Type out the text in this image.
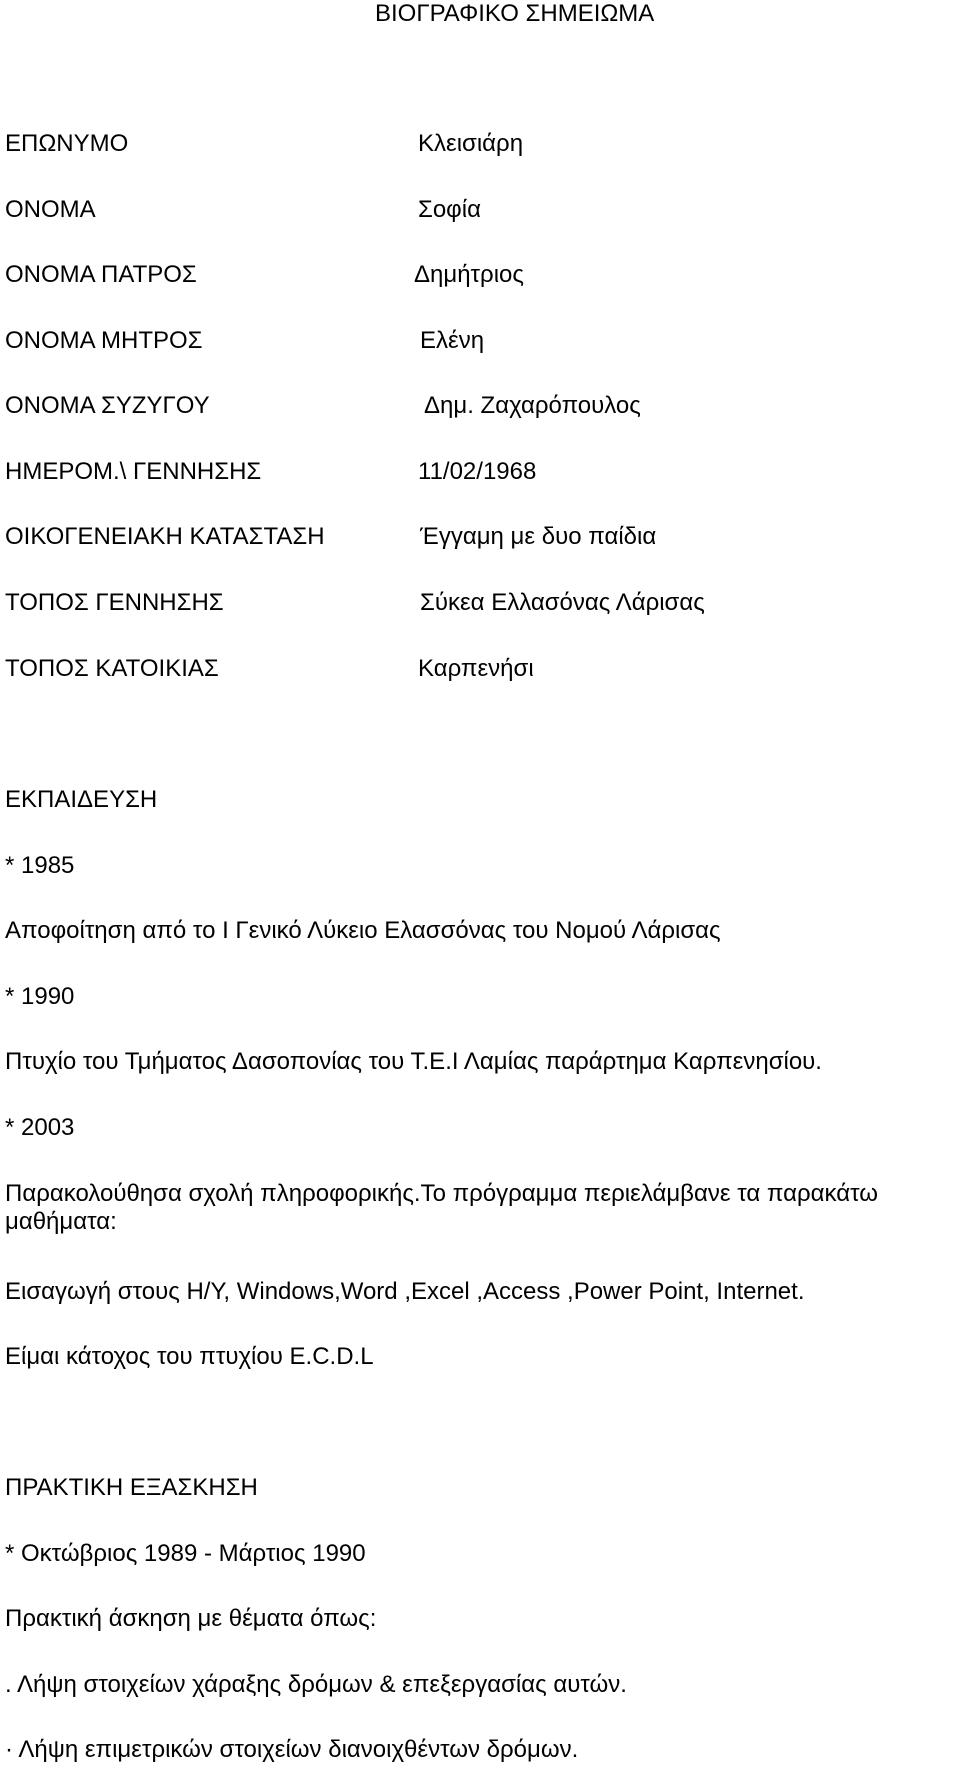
ΒΙΟΓΡΑΦΙΚΟ ΣΗΜΕΙΩΜΑ
ΕΠΩΝΥΜΟ	Κλεισιάρη
ΟΝΟΜΑ	Σοφία
ΟΝΟΜΑ ΠΑΤΡΟΣ	Δημήτριος
ΟΝΟΜΑ ΜΗΤΡΟΣ	Ελένη
ΟΝΟΜΑ ΣΥΖΥΓΟΥ	Δημ. Ζαχαρόπουλος
ΗΜΕΡΟΜ.\ ΓΕΝΝΗΣΗΣ	11/02/1968
ΟΙΚΟΓΕΝΕΙΑΚΗ ΚΑΤΑΣΤΑΣΗ	Έγγαμη με δυο παίδια
ΤΟΠΟΣ ΓΕΝΝΗΣΗΣ	Σύκεα Ελλασόνας Λάρισας
ΤΟΠΟΣ ΚΑΤΟΙΚΙΑΣ	Καρπενήσι
ΕΚΠΑΙΔΕΥΣΗ
* 1985
Αποφοίτηση από το Ι Γενικό Λύκειο Ελασσόνας του Νομού Λάρισας
* 1990
Πτυχίο του Τμήματος Δασοπονίας του Τ.Ε.Ι Λαμίας παράρτημα Καρπενησίου.
* 2003
Παρακολούθησα σχολή πληροφορικής.Το πρόγραμμα περιελάμβανε τα παρακάτω μαθήματα:
Εισαγωγή στους Η/Υ, Windows,Word ,Excel ,Access ,Power Point, Internet.
Είμαι κάτοχος του πτυχίου E.C.D.L
ΠΡΑΚΤΙΚΗ ΕΞΑΣΚΗΣΗ
* Οκτώβριος 1989 - Μάρτιος 1990
Πρακτική άσκηση με θέματα όπως:
. Λήψη στοιχείων χάραξης δρόμων & επεξεργασίας αυτών.
· Λήψη επιμετρικών στοιχείων διανοιχθέντων δρόμων.
